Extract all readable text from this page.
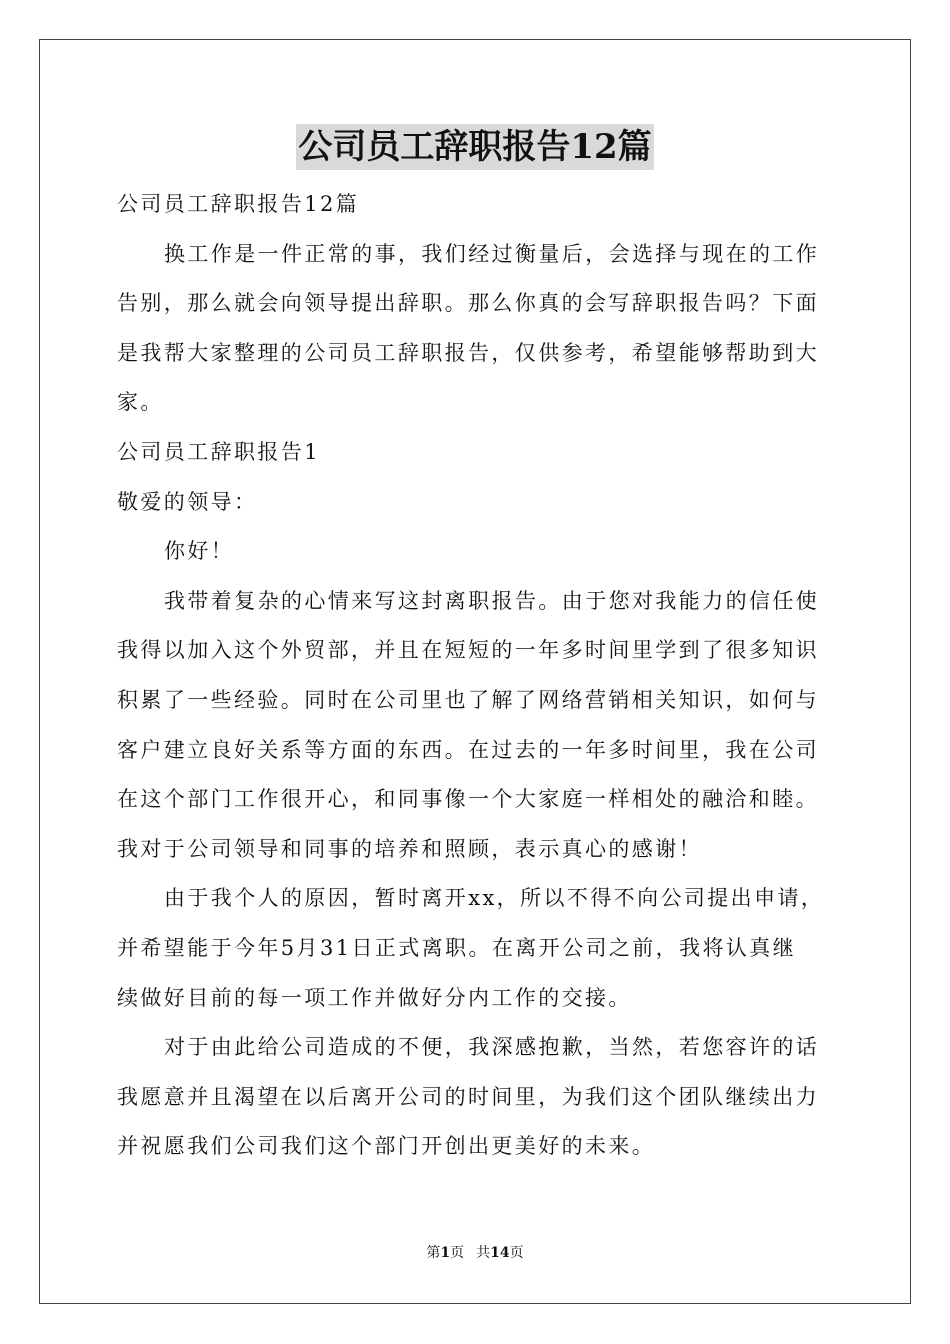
公司员工辞职报告12篇
公司员工辞职报告12篇
换工作是一件正常的事，我们经过衡量后，会选择与现在的工作
告别，那么就会向领导提出辞职。那么你真的会写辞职报告吗？下面
是我帮大家整理的公司员工辞职报告，仅供参考，希望能够帮助到大
家。
公司员工辞职报告1
敬爱的领导：
你好！
我带着复杂的心情来写这封离职报告。由于您对我能力的信任使
我得以加入这个外贸部，并且在短短的一年多时间里学到了很多知识
积累了一些经验。同时在公司里也了解了网络营销相关知识，如何与
客户建立良好关系等方面的东西。在过去的一年多时间里，我在公司
在这个部门工作很开心，和同事像一个大家庭一样相处的融洽和睦。
我对于公司领导和同事的培养和照顾，表示真心的感谢！
由于我个人的原因，暂时离开xx，所以不得不向公司提出申请，
并希望能于今年5月31日正式离职。在离开公司之前，我将认真继
续做好目前的每一项工作并做好分内工作的交接。
对于由此给公司造成的不便，我深感抱歉，当然，若您容许的话
我愿意并且渴望在以后离开公司的时间里，为我们这个团队继续出力
并祝愿我们公司我们这个部门开创出更美好的未来。
第1页 共14页
